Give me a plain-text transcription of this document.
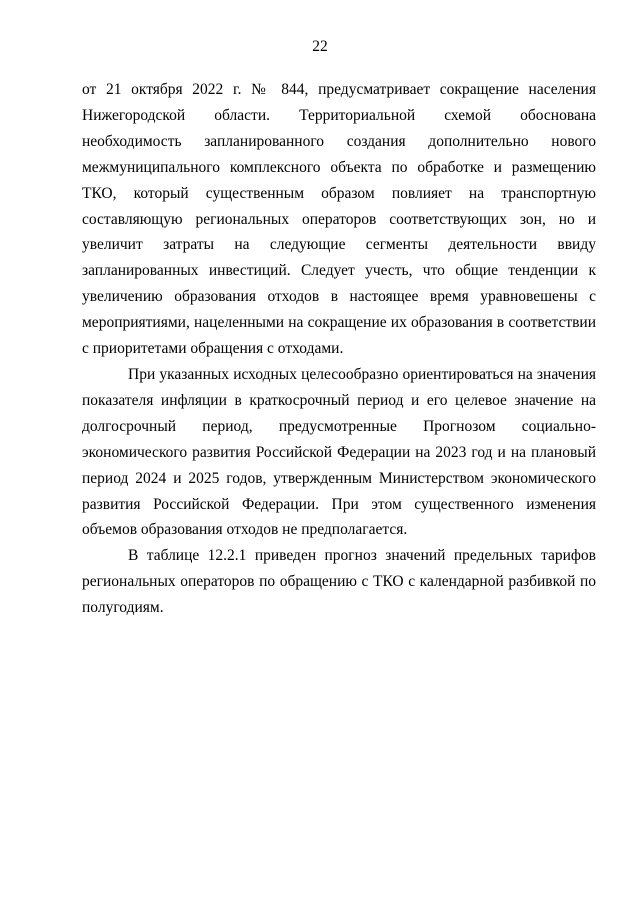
22

от 21 октября 2022 г. № 844, предусматривает сокращение населения
Нижегородской области. Территориальной схемой обоснована
необходимость запланированного создания дополнительно нового
межмуниципального комплексного объекта по обработке и размещению
ТКО, который существенным образом повлияет на транспортную
составляющую региональных операторов соответствующих зон, но и
увеличит затраты на следующие сегменты деятельности ввиду
запланированных инвестиций. Следует учесть, что общие тенденции к
увеличению образования отходов в настоящее время уравновешены с
мероприятиями, нацеленными на сокращение их образования в соответствии
с приоритетами обращения с отходами.

При указанных исходных целесообразно ориентироваться на значения
показателя инфляции в краткосрочный период и его целевое значение на
долгосрочный период, предусмотренные Прогнозом социально-
экономического развития Российской Федерации на 2023 год и на плановый
период 2024 и 2025 годов, утвержденным Министерством экономического
развития Российской Федерации. При этом существенного изменения
объемов образования отходов не предполагается.

В таблице 12.2.1 приведен прогноз значений предельных тарифов
региональных операторов по обращению с ТКО с календарной разбивкой по
полугодиям.
